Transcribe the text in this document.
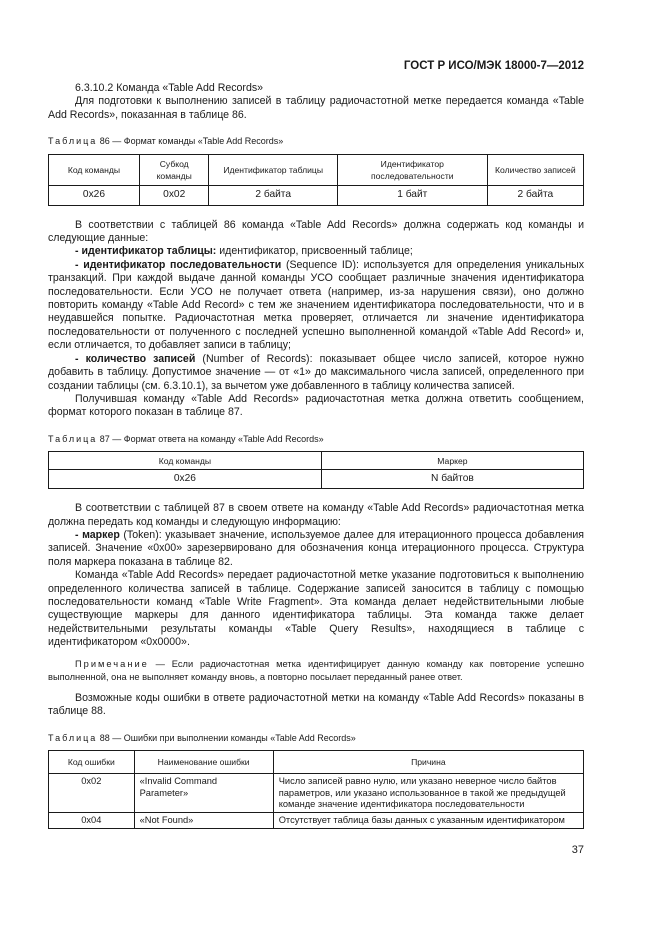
ГОСТ Р ИСО/МЭК 18000-7—2012

6.3.10.2 Команда «Table Add Records»

Для подготовки к выполнению записей в таблицу радиочастотной метке передается команда «Table Add Records», показанная в таблице 86.

Таблица 86 — Формат команды «Table Add Records»

Код команды	Субкод команды	Идентификатор таблицы	Идентификатор последовательности	Количество записей
0x26	0x02	2 байта	1 байт	2 байта

В соответствии с таблицей 86 команда «Table Add Records» должна содержать код команды и следующие данные:

- идентификатор таблицы: идентификатор, присвоенный таблице;

- идентификатор последовательности (Sequence ID): используется для определения уникальных транзакций. При каждой выдаче данной команды УСО сообщает различные значения идентификатора последовательности. Если УСО не получает ответа (например, из-за нарушения связи), оно должно повторить команду «Table Add Record» с тем же значением идентификатора последовательности, что и в неудавшейся попытке. Радиочастотная метка проверяет, отличается ли значение идентификатора последовательности от полученного с последней успешно выполненной командой «Table Add Record» и, если отличается, то добавляет записи в таблицу;

- количество записей (Number of Records): показывает общее число записей, которое нужно добавить в таблицу. Допустимое значение — от «1» до максимального числа записей, определенного при создании таблицы (см. 6.3.10.1), за вычетом уже добавленного в таблицу количества записей.

Получившая команду «Table Add Records» радиочастотная метка должна ответить сообщением, формат которого показан в таблице 87.

Таблица 87 — Формат ответа на команду «Table Add Records»

Код команды	Маркер
0x26	N байтов

В соответствии с таблицей 87 в своем ответе на команду «Table Add Records» радиочастотная метка должна передать код команды и следующую информацию:

- маркер (Token): указывает значение, используемое далее для итерационного процесса добавления записей. Значение «0x00» зарезервировано для обозначения конца итерационного процесса. Структура поля маркера показана в таблице 82.

Команда «Table Add Records» передает радиочастотной метке указание подготовиться к выполнению определенного количества записей в таблице. Содержание записей заносится в таблицу с помощью последовательности команд «Table Write Fragment». Эта команда делает недействительными любые существующие маркеры для данного идентификатора таблицы. Эта команда также делает недействительными результаты команды «Table Query Results», находящиеся в таблице с идентификатором «0x0000».

Примечание — Если радиочастотная метка идентифицирует данную команду как повторение успешно выполненной, она не выполняет команду вновь, а повторно посылает переданный ранее ответ.

Возможные коды ошибки в ответе радиочастотной метки на команду «Table Add Records» показаны в таблице 88.

Таблица 88 — Ошибки при выполнении команды «Table Add Records»

Код ошибки	Наименование ошибки	Причина
0x02	«Invalid Command Parameter»	Число записей равно нулю, или указано неверное число байтов параметров, или указано использованное в такой же предыдущей команде значение идентификатора последовательности
0x04	«Not Found»	Отсутствует таблица базы данных с указанным идентификатором
37
